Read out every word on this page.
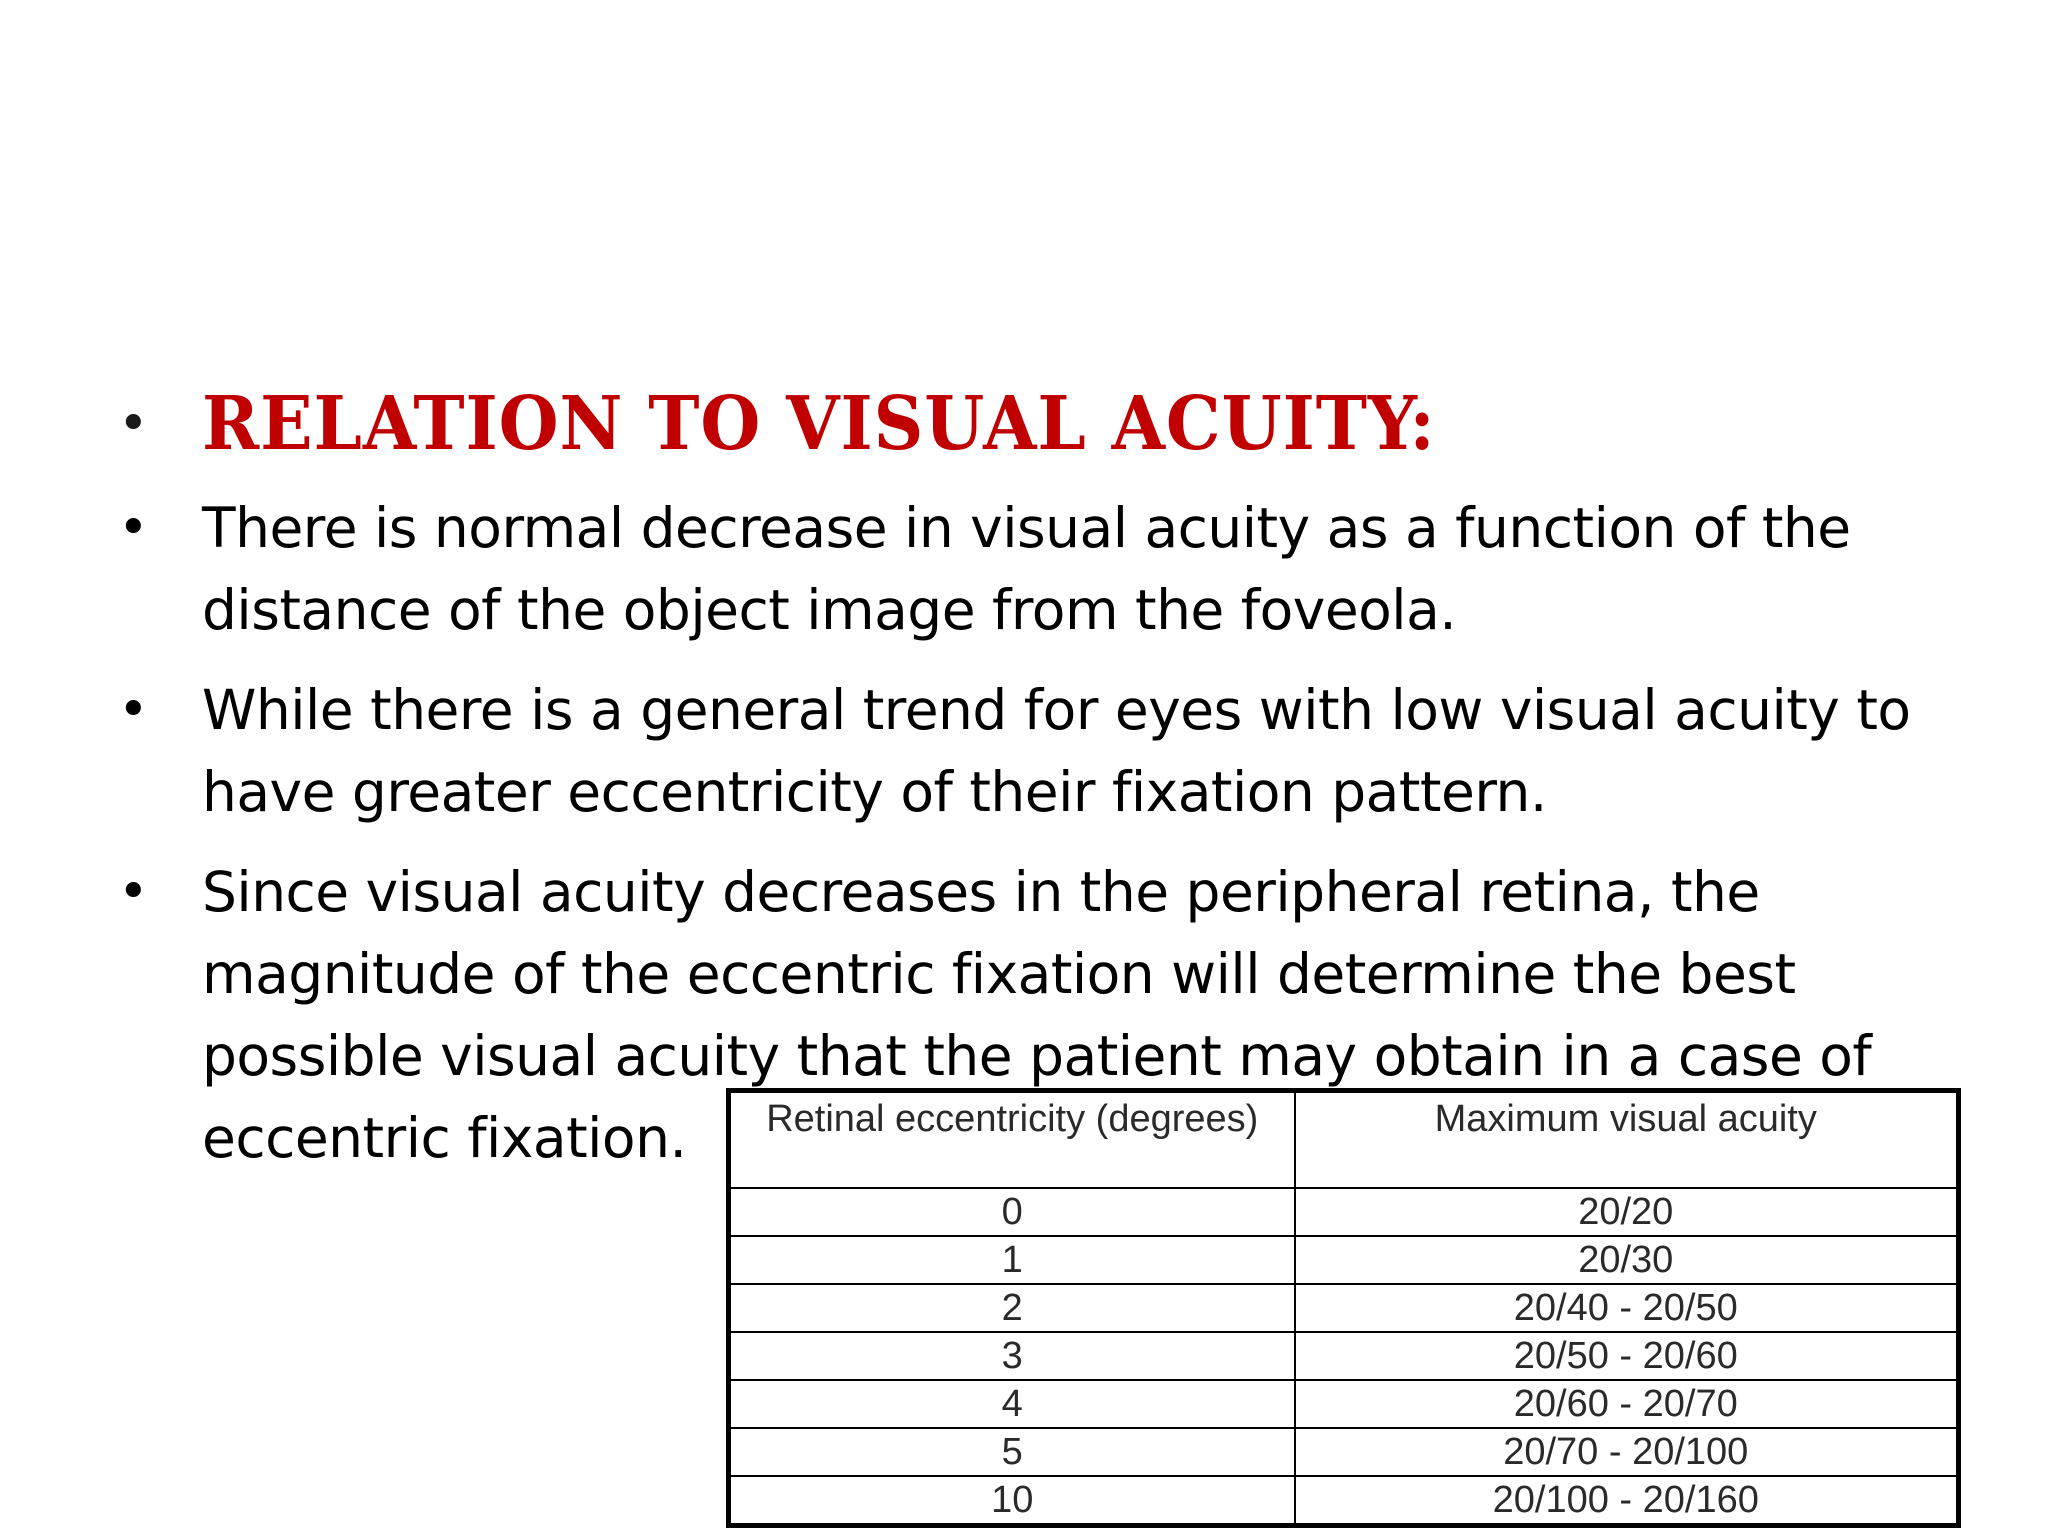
• RELATION TO VISUAL ACUITY:
• There is normal decrease in visual acuity as a function of the distance of the object image from the foveola.
• While there is a general trend for eyes with low visual acuity to have greater eccentricity of their fixation pattern.
• Since visual acuity decreases in the peripheral retina, the magnitude of the eccentric fixation will determine the best possible visual acuity that the patient may obtain in a case of eccentric fixation.	Retinal eccentricity (degrees)	Maximum visual acuity
0	20/20
1	20/30
2	20/40 - 20/50
3	20/50 - 20/60
4	20/60 - 20/70
5	20/70 - 20/100
10	20/100 - 20/160
